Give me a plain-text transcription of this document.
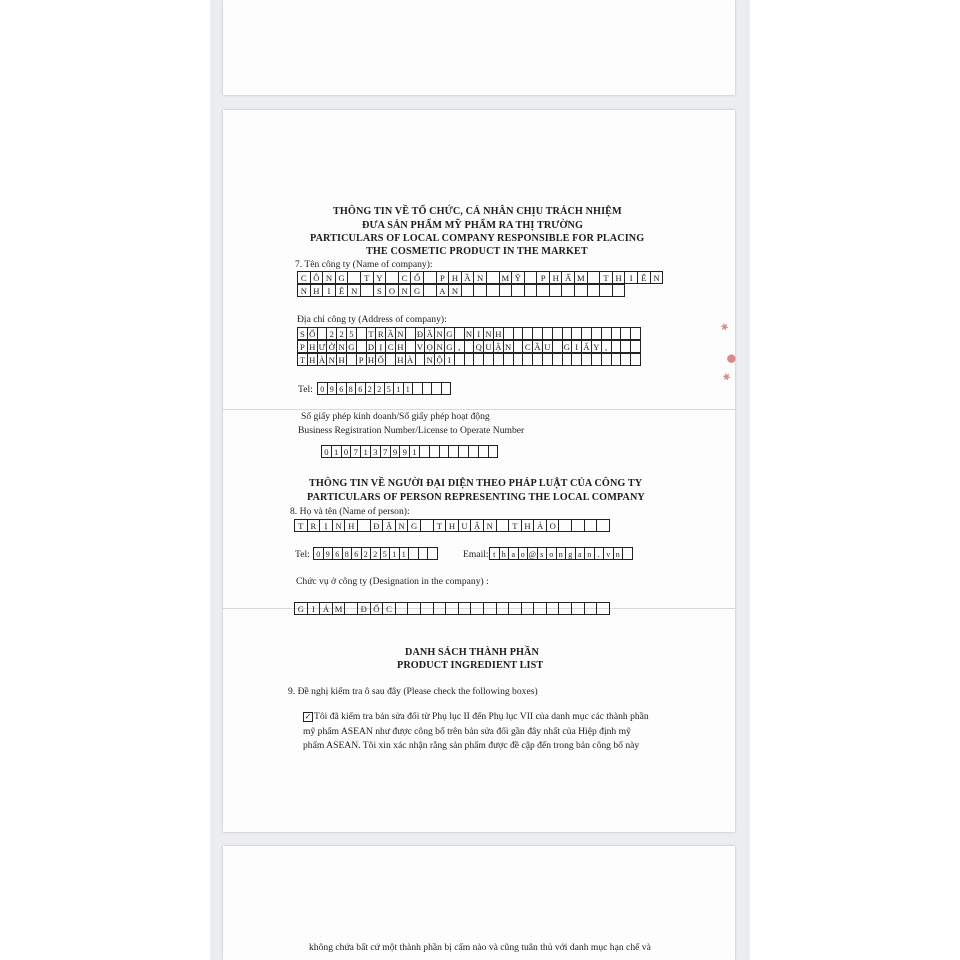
THÔNG TIN VỀ TỔ CHỨC, CÁ NHÂN CHỊU TRÁCH NHIỆM
ĐƯA SẢN PHẨM MỸ PHẨM RA THỊ TRƯỜNG
PARTICULARS OF LOCAL COMPANY RESPONSIBLE FOR PLACING
THE COSMETIC PRODUCT IN THE MARKET
7. Tên công ty (Name of company):
C Ô N G	T Y	C Ổ	P H Ầ N	M Ỹ	P H Ẩ M	T H I Ê N
N H I Ê N	S O N G	A N
Địa chỉ công ty (Address of company):
S Ố	2 2 5	T R Ầ N Đ Ă N G N I N H
P H Ư Ờ N G D Ị C H V Ọ N G ,	Q U Ậ N C Ầ U G I Ấ Y ,
T H À N H	P H Ố H À N Ộ I
Tel: 0 9 6 8 6 2 2 5 1 1
Số giấy phép kinh doanh/Số giấy phép hoạt động
Business Registration Number/License to Operate Number
0 1 0 7 1 3 7 9 9 1
THÔNG TIN VỀ NGƯỜI ĐẠI DIỆN THEO PHÁP LUẬT CỦA CÔNG TY
PARTICULARS OF PERSON REPRESENTING THE LOCAL COMPANY
8. Họ và tên (Name of person):
T R Ị N H	Đ Ặ N G	T H U Ậ N	T H Ả O
Tel: 0 9 6 8 6 2 2 5 1 1	Email: t h a o @ s o n g a n . v n
Chức vụ ở công ty (Designation in the company) :
G I Á M	Đ Ố C
DANH SÁCH THÀNH PHẦN
PRODUCT INGREDIENT LIST
9. Đề nghị kiểm tra ô sau đây (Please check the following boxes)
✓ Tôi đã kiểm tra bản sửa đổi từ Phụ lục II đến Phụ lục VII của danh mục các thành phần
mỹ phẩm ASEAN như được công bố trên bản sửa đổi gần đây nhất của Hiệp định mỹ
phẩm ASEAN. Tôi xin xác nhận rằng sản phẩm được đề cập đến trong bản công bố này
không chứa bất cứ một thành phần bị cấm nào và cũng tuân thủ với danh mục hạn chế và
✱
●
✱
